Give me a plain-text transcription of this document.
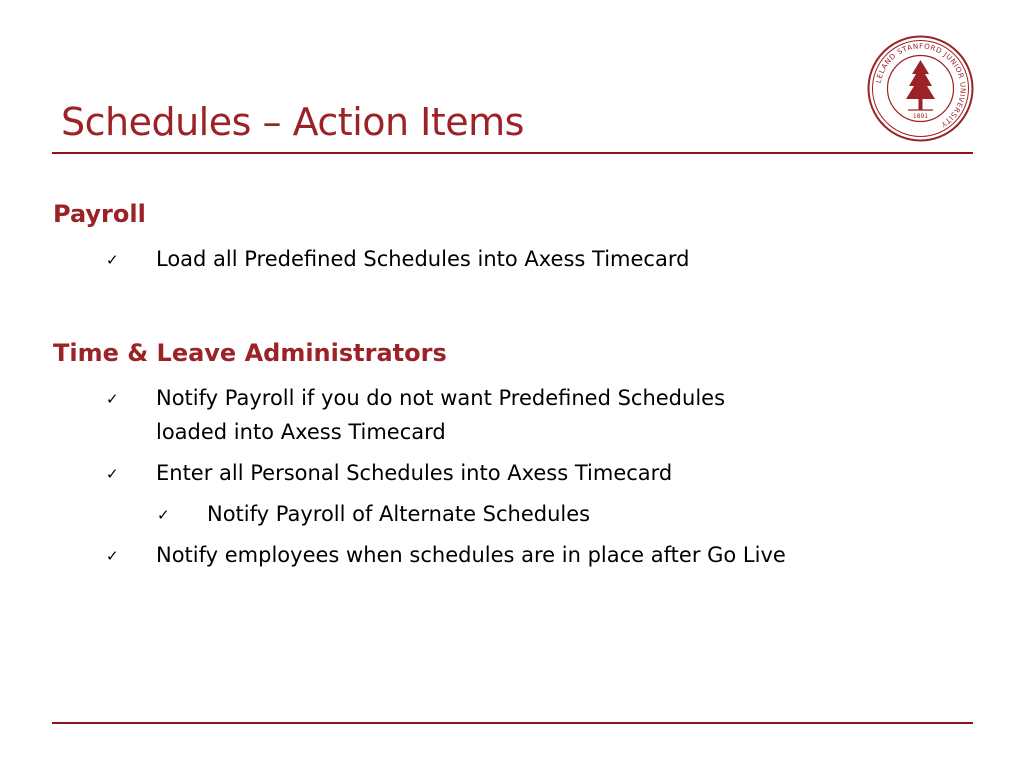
Schedules – Action Items
LELAND STANFORD JUNIOR UNIVERSITY
1891
Payroll
✓ Load all Predefined Schedules into Axess Timecard
Time & Leave Administrators
✓ Notify Payroll if you do not want Predefined Schedules
loaded into Axess Timecard
✓ Enter all Personal Schedules into Axess Timecard
✓ Notify Payroll of Alternate Schedules
✓ Notify employees when schedules are in place after Go Live
